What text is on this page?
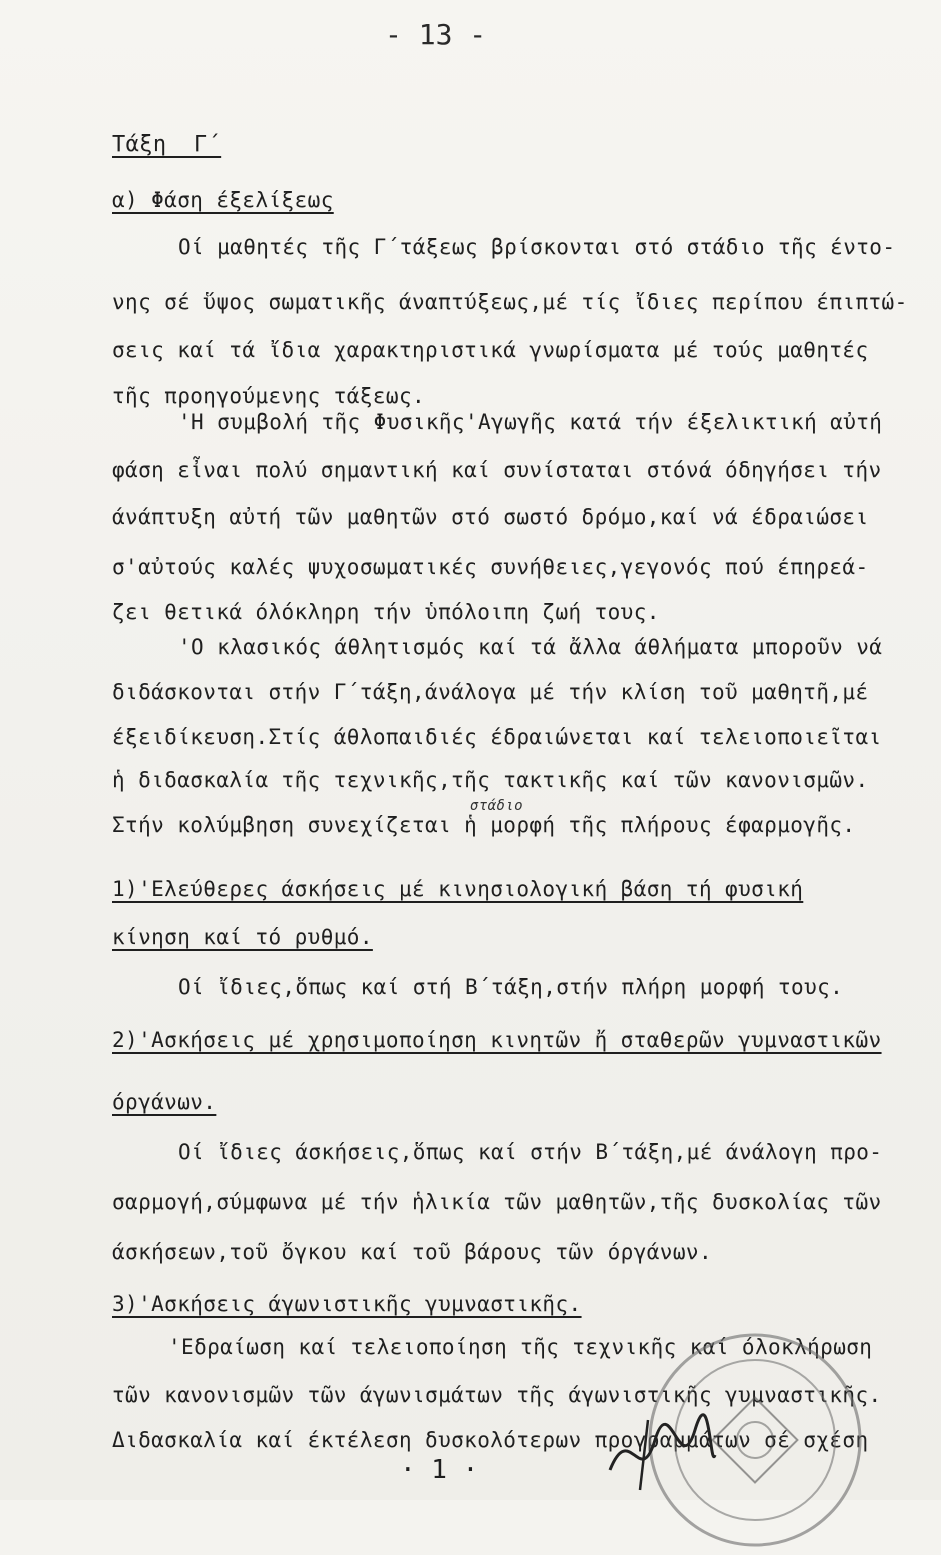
- 13 -
Τάξη  Γ΄
α) Φάση έξελίξεως
Οί μαθητές τῆς Γ΄τάξεως βρίσκονται στό στάδιο τῆς έντο-
νης σέ ὕψος σωματικῆς άναπτύξεως,μέ τίς ἴδιες περίπου έπιπτώ-
σεις καί τά ἴδια χαρακτηριστικά γνωρίσματα μέ τούς μαθητές
τῆς προηγούμενης τάξεως.
'Η συμβολή τῆς Φυσικῆς'Αγωγῆς κατά τήν έξελικτική αὐτή
φάση εἶναι πολύ σημαντική καί συνίσταται στόνά όδηγήσει τήν
άνάπτυξη αὐτή τῶν μαθητῶν στό σωστό δρόμο,καί νά έδραιώσει
σ'αὐτούς καλές ψυχοσωματικές συνήθειες,γεγονός πού έπηρεά-
ζει θετικά όλόκληρη τήν ὑπόλοιπη ζωή τους.
'Ο κλασικός άθλητισμός καί τά ἄλλα άθλήματα μποροῦν νά
διδάσκονται στήν Γ΄τάξη,άνάλογα μέ τήν κλίση τοῦ μαθητῆ,μέ
έξειδίκευση.Στίς άθλοπαιδιές έδραιώνεται καί τελειοποιεῖται
ἡ διδασκαλία τῆς τεχνικῆς,τῆς τακτικῆς καί τῶν κανονισμῶν.
Στήν κολύμβηση συνεχίζεται ἡ μορφή τῆς πλήρους έφαρμογῆς.
στάδιο
1)'Ελεύθερες άσκήσεις μέ κινησιολογική βάση τή φυσική
κίνηση καί τό ρυθμό.
Οί ἴδιες,ὅπως καί στή Β΄τάξη,στήν πλήρη μορφή τους.
2)'Ασκήσεις μέ χρησιμοποίηση κινητῶν ἤ σταθερῶν γυμναστικῶν
όργάνων.
Οί ἴδιες άσκήσεις,ὅπως καί στήν Β΄τάξη,μέ άνάλογη προ-
σαρμογή,σύμφωνα μέ τήν ἡλικία τῶν μαθητῶν,τῆς δυσκολίας τῶν
άσκήσεων,τοῦ ὄγκου καί τοῦ βάρους τῶν όργάνων.
3)'Ασκήσεις άγωνιστικῆς γυμναστικῆς.
'Εδραίωση καί τελειοποίηση τῆς τεχνικῆς καί όλοκλήρωση
τῶν κανονισμῶν τῶν άγωνισμάτων τῆς άγωνιστικῆς γυμναστικῆς.
Διδασκαλία καί έκτέλεση δυσκολότερων προγραμμάτων σέ σχέση
· 1 ·
